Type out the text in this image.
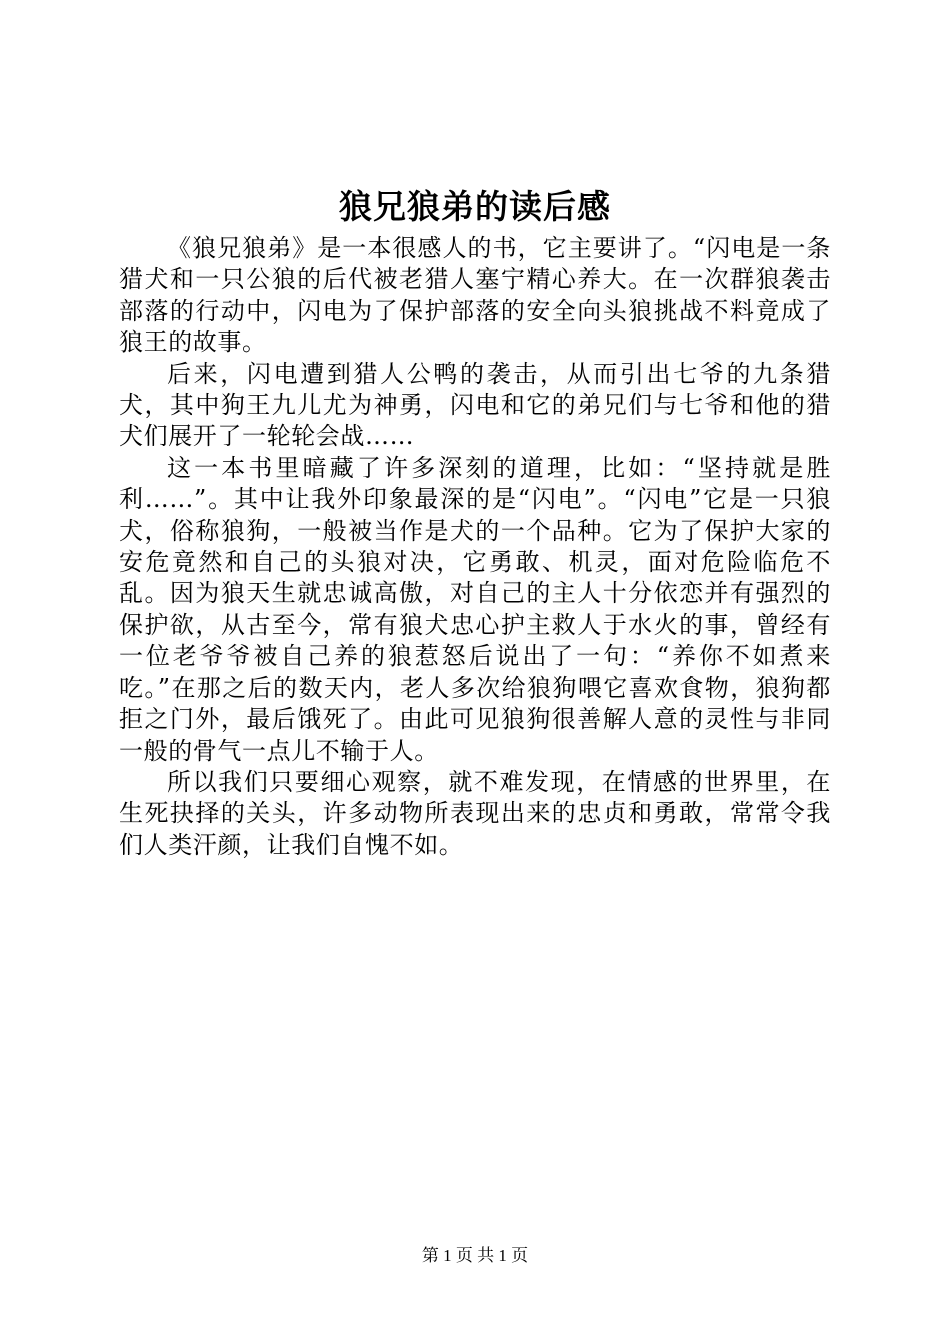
狼兄狼弟的读后感

《狼兄狼弟》是一本很感人的书，它主要讲了。“闪电是一条猎犬和一只公狼的后代被老猎人塞宁精心养大。在一次群狼袭击部落的行动中，闪电为了保护部落的安全向头狼挑战不料竟成了狼王的故事。

后来，闪电遭到猎人公鸭的袭击，从而引出七爷的九条猎犬，其中狗王九儿尤为神勇，闪电和它的弟兄们与七爷和他的猎犬们展开了一轮轮会战……

这一本书里暗藏了许多深刻的道理，比如：“坚持就是胜利……”。其中让我外印象最深的是“闪电”。“闪电”它是一只狼犬，俗称狼狗，一般被当作是犬的一个品种。它为了保护大家的安危竟然和自己的头狼对决，它勇敢、机灵，面对危险临危不乱。因为狼天生就忠诚高傲，对自己的主人十分依恋并有强烈的保护欲，从古至今，常有狼犬忠心护主救人于水火的事，曾经有一位老爷爷被自己养的狼惹怒后说出了一句：“养你不如煮来吃。”在那之后的数天内，老人多次给狼狗喂它喜欢食物，狼狗都拒之门外，最后饿死了。由此可见狼狗很善解人意的灵性与非同一般的骨气一点儿不输于人。

所以我们只要细心观察，就不难发现，在情感的世界里，在生死抉择的关头，许多动物所表现出来的忠贞和勇敢，常常令我们人类汗颜，让我们自愧不如。

第 1 页 共 1 页
